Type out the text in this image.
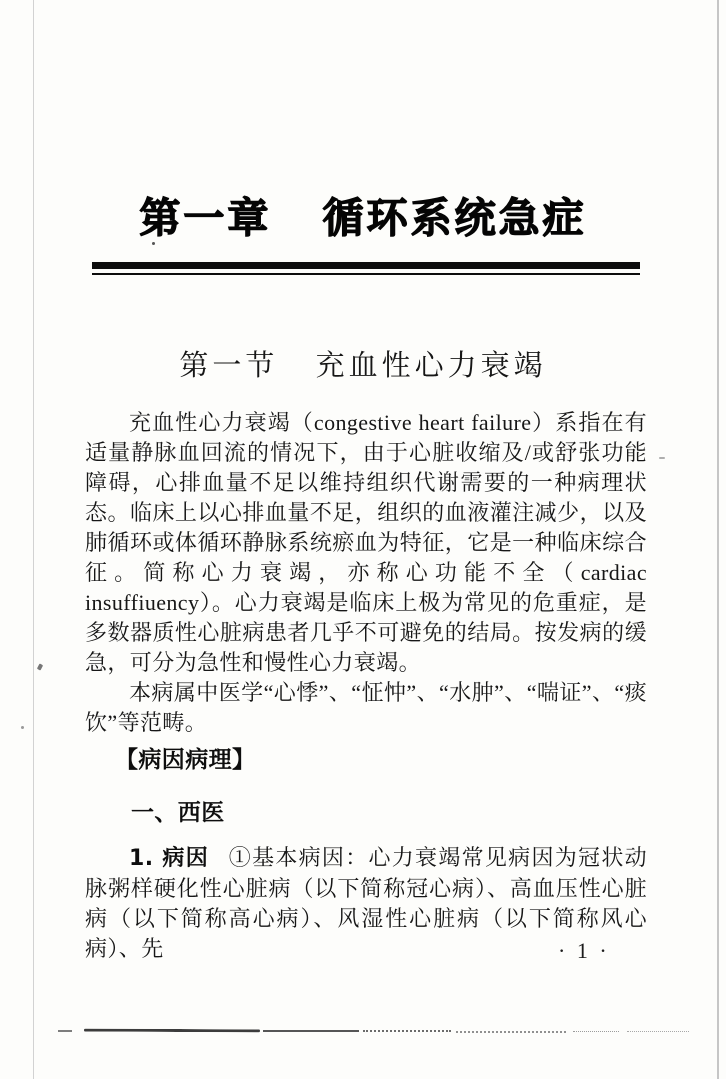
第一章 循环系统急症
第一节 充血性心力衰竭

充血性心力衰竭（congestive heart failure）系指在有适量静脉血回流的情况下，由于心脏收缩及/或舒张功能障碍，心排血量不足以维持组织代谢需要的一种病理状态。临床上以心排血量不足，组织的血液灌注减少，以及肺循环或体循环静脉系统瘀血为特征，它是一种临床综合征。简称心力衰竭，亦称心功能不全（cardiac insuffiuency）。心力衰竭是临床上极为常见的危重症，是多数器质性心脏病患者几乎不可避免的结局。按发病的缓急，可分为急性和慢性心力衰竭。

本病属中医学“心悸”、“怔忡”、“水肿”、“喘证”、“痰饮”等范畴。

【病因病理】
一、西医

1. 病因 ①基本病因：心力衰竭常见病因为冠状动脉粥样硬化性心脏病（以下简称冠心病）、高血压性心脏病（以下简称高心病）、风湿性心脏病（以下简称风心病）、先	· 1 ·
